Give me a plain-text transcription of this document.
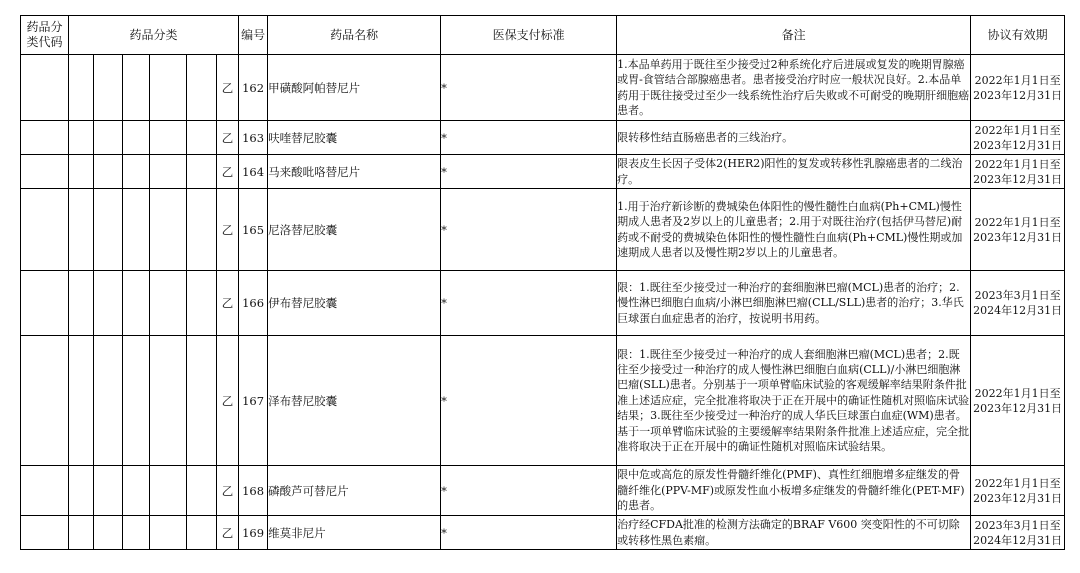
药品分类代码	药品分类						编号	药品名称	医保支付标准	备注	协议有效期
						乙	162	甲磺酸阿帕替尼片	*	1.本品单药用于既往至少接受过2种系统化疗后进展或复发的晚期胃腺癌或胃-食管结合部腺癌患者。患者接受治疗时应一般状况良好。2.本品单药用于既往接受过至少一线系统性治疗后失败或不可耐受的晚期肝细胞癌患者。	2022年1月1日至
2023年12月31日

						乙	163	呋喹替尼胶囊	*	限转移性结直肠癌患者的三线治疗。	2022年1月1日至
2023年12月31日

						乙	164	马来酸吡咯替尼片	*	限表皮生长因子受体2(HER2)阳性的复发或转移性乳腺癌患者的二线治疗。	2022年1月1日至
2023年12月31日

						乙	165	尼洛替尼胶囊	*	1.用于治疗新诊断的费城染色体阳性的慢性髓性白血病(Ph+CML)慢性期成人患者及2岁以上的儿童患者；2.用于对既往治疗(包括伊马替尼)耐药或不耐受的费城染色体阳性的慢性髓性白血病(Ph+CML)慢性期或加速期成人患者以及慢性期2岁以上的儿童患者。	2022年1月1日至
2023年12月31日

						乙	166	伊布替尼胶囊	*	限：1.既往至少接受过一种治疗的套细胞淋巴瘤(MCL)患者的治疗；2.慢性淋巴细胞白血病/小淋巴细胞淋巴瘤(CLL/SLL)患者的治疗；3.华氏巨球蛋白血症患者的治疗，按说明书用药。	2023年3月1日至
2024年12月31日

						乙	167	泽布替尼胶囊	*	限：1.既往至少接受过一种治疗的成人套细胞淋巴瘤(MCL)患者；2.既往至少接受过一种治疗的成人慢性淋巴细胞白血病(CLL)/小淋巴细胞淋巴瘤(SLL)患者。分别基于一项单臂临床试验的客观缓解率结果附条件批准上述适应症，完全批准将取决于正在开展中的确证性随机对照临床试验结果；3.既往至少接受过一种治疗的成人华氏巨球蛋白血症(WM)患者。基于一项单臂临床试验的主要缓解率结果附条件批准上述适应症，完全批准将取决于正在开展中的确证性随机对照临床试验结果。	2022年1月1日至
2023年12月31日

						乙	168	磷酸芦可替尼片	*	限中危或高危的原发性骨髓纤维化(PMF)、真性红细胞增多症继发的骨髓纤维化(PPV-MF)或原发性血小板增多症继发的骨髓纤维化(PET-MF)的患者。	2022年1月1日至
2023年12月31日

						乙	169	维莫非尼片	*	治疗经CFDA批准的检测方法确定的BRAF V600 突变阳性的不可切除或转移性黑色素瘤。	2023年3月1日至
2024年12月31日
